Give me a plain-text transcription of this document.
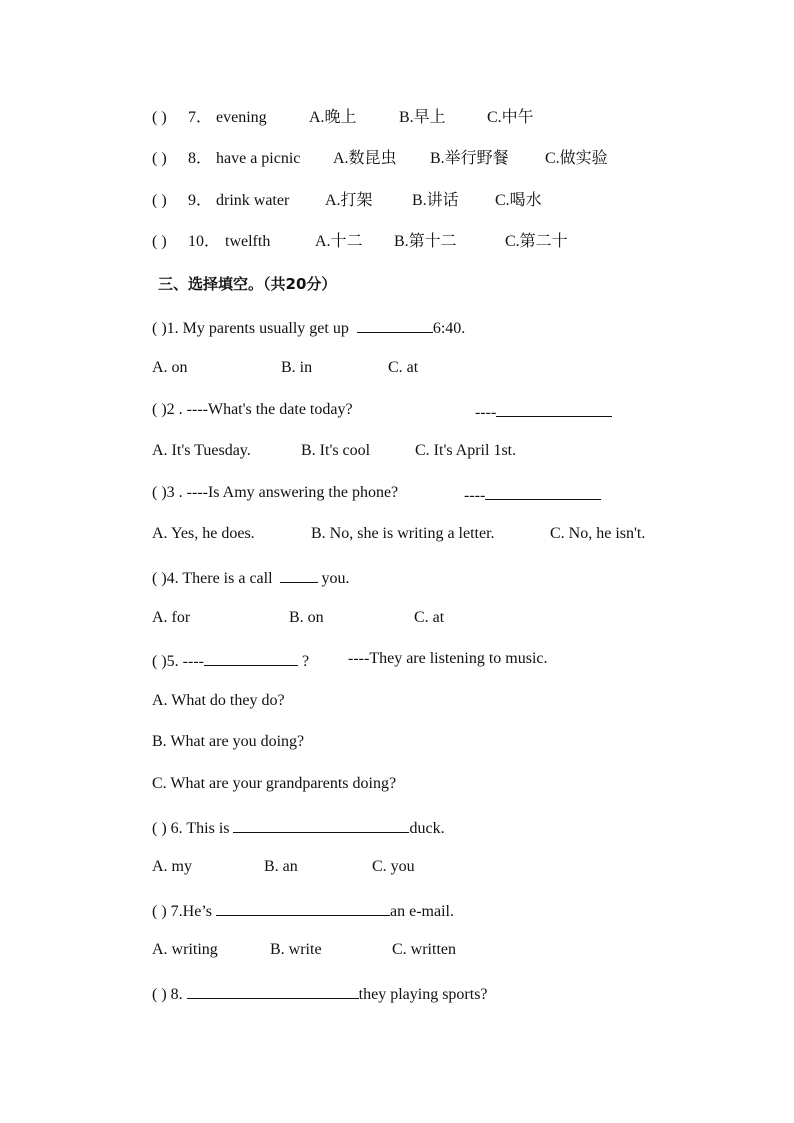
( ) 7． evening	A.晚上	B.早上	C.中午
( ) 8． have a picnic A.数昆虫 B.举行野餐 C.做实验
( ) 9． drink water A.打架 B.讲话 C.喝水
( ) 10． twelfth	A.十二 B.第十二	C.第二十
三、选择填空。（共20分）
( )1. My parents usually get up	6:40.
A. on	B. in	C. at
( )2 . ----What's the date today?	----
A. It's Tuesday.	B. It's cool	C. It's April 1st.
( )3 . ----Is Amy answering the phone?	----
A. Yes, he does.	B. No, she is writing a letter.	C. No, he isn't.
( )4. There is a call	you.
A. for	B. on	C. at
( )5. ----	? ----They are listening to music.
A. What do they do?
B. What are you doing?
C. What are your grandparents doing?
( ) 6. This is	duck.
A. my	B. an	C. you
( ) 7.He’s	an e-mail.
A. writing	B. write	C. written
( ) 8.	they playing sports?
